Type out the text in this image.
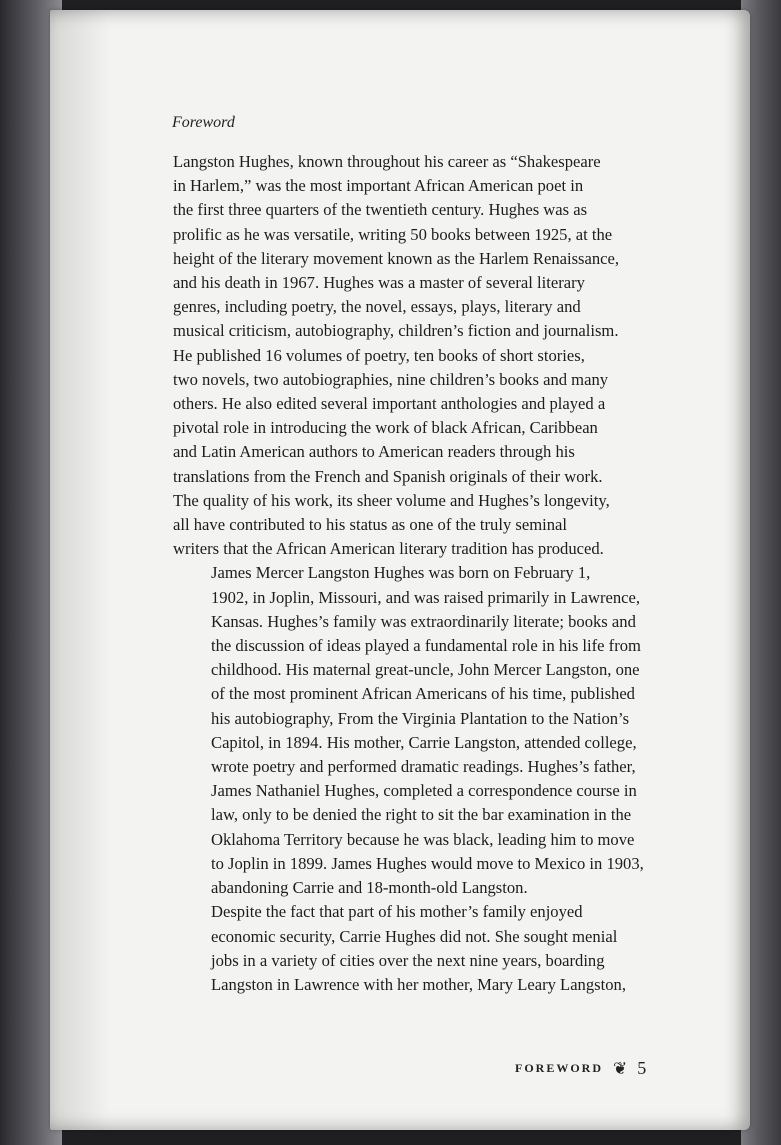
Foreword

Langston Hughes, known throughout his career as “Shakespeare
in Harlem,” was the most important African American poet in
the first three quarters of the twentieth century. Hughes was as
prolific as he was versatile, writing 50 books between 1925, at the
height of the literary movement known as the Harlem Renaissance,
and his death in 1967. Hughes was a master of several literary
genres, including poetry, the novel, essays, plays, literary and
musical criticism, autobiography, children’s fiction and journalism.
He published 16 volumes of poetry, ten books of short stories,
two novels, two autobiographies, nine children’s books and many
others. He also edited several important anthologies and played a
pivotal role in introducing the work of black African, Caribbean
and Latin American authors to American readers through his
translations from the French and Spanish originals of their work.
The quality of his work, its sheer volume and Hughes’s longevity,
all have contributed to his status as one of the truly seminal
writers that the African American literary tradition has produced.

James Mercer Langston Hughes was born on February 1,
1902, in Joplin, Missouri, and was raised primarily in Lawrence,
Kansas. Hughes’s family was extraordinarily literate; books and
the discussion of ideas played a fundamental role in his life from
childhood. His maternal great-uncle, John Mercer Langston, one
of the most prominent African Americans of his time, published
his autobiography, From the Virginia Plantation to the Nation’s
Capitol, in 1894. His mother, Carrie Langston, attended college,
wrote poetry and performed dramatic readings. Hughes’s father,
James Nathaniel Hughes, completed a correspondence course in
law, only to be denied the right to sit the bar examination in the
Oklahoma Territory because he was black, leading him to move
to Joplin in 1899. James Hughes would move to Mexico in 1903,
abandoning Carrie and 18-month-old Langston.

Despite the fact that part of his mother’s family enjoyed
economic security, Carrie Hughes did not. She sought menial
jobs in a variety of cities over the next nine years, boarding
Langston in Lawrence with her mother, Mary Leary Langston,

FOREWORD ❦ 5
